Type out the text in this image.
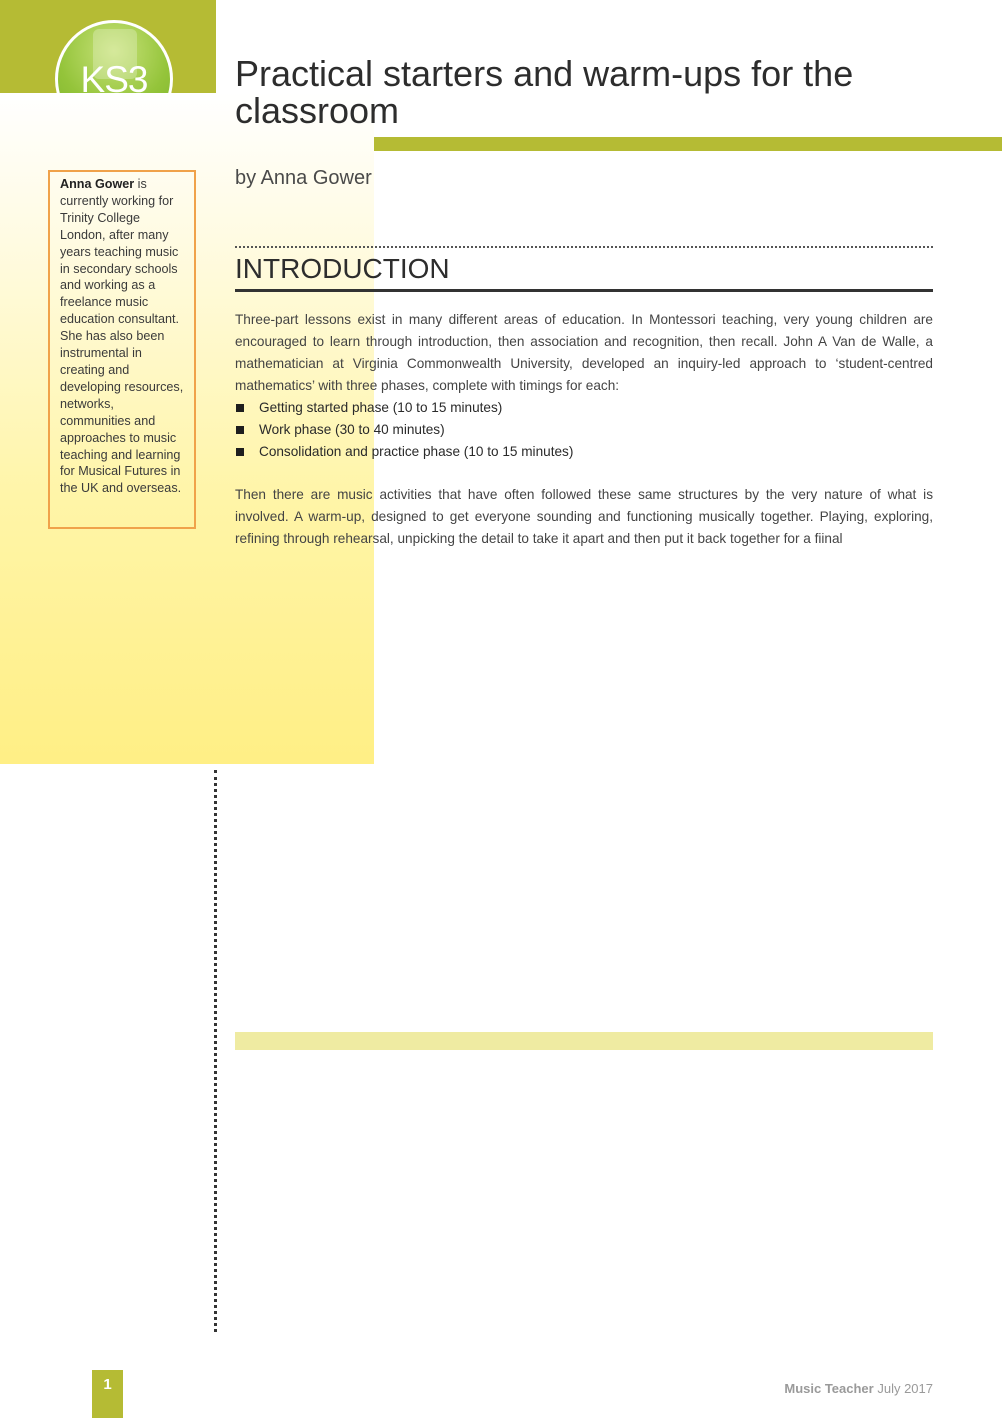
KS3	Practical starters and warm-ups for the classroom
by Anna Gower
Anna Gower is currently working for Trinity College London, after many years teaching music in secondary schools and working as a freelance music education consultant. She has also been instrumental in creating and developing resources, networks, communities and approaches to music teaching and learning for Musical Futures in the UK and overseas.
INTRODUCTION

Three-part lessons exist in many different areas of education. In Montessori teaching, very young children are encouraged to learn through introduction, then association and recognition, then recall. John A Van de Walle, a mathematician at Virginia Commonwealth University, developed an inquiry-led approach to ‘student-centred mathematics’ with three phases, complete with timings for each:

Getting started phase (10 to 15 minutes)
Work phase (30 to 40 minutes)
Consolidation and practice phase (10 to 15 minutes)

Then there are music activities that have often followed these same structures by the very nature of what is involved. A warm-up, designed to get everyone sounding and functioning musically together. Playing, exploring, refining through rehearsal, unpicking the detail to take it apart and then put it back together for a fiinal

1	Music Teacher July 2017
